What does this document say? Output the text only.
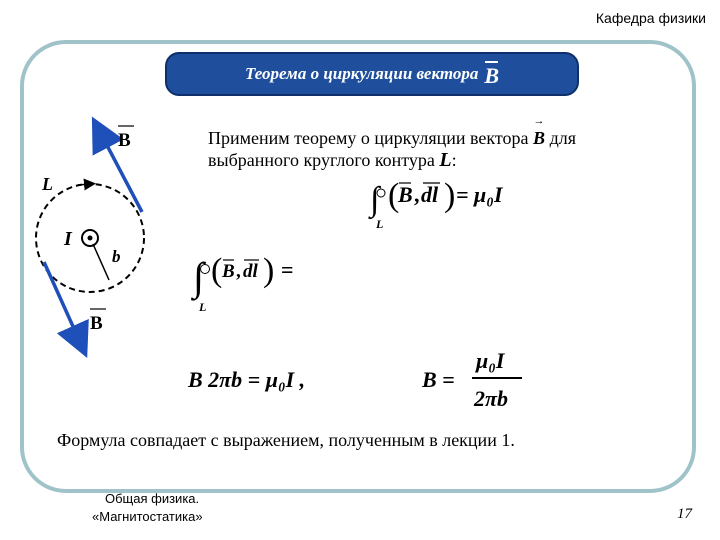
Кафедра физики
Теорема о циркуляции вектора B
Применим теорему о циркуляции вектора → B для
выбранного круглого контура L:
B
B
L
I
b
∫
L
(
B , dl ) = μ₀I
∫
L
( B , dl ) =
B 2πb = μ₀I ,	B =
μ₀I
2πb
Формула совпадает с выражением, полученным в лекции 1.
Общая физика.
«Магнитостатика»	17
